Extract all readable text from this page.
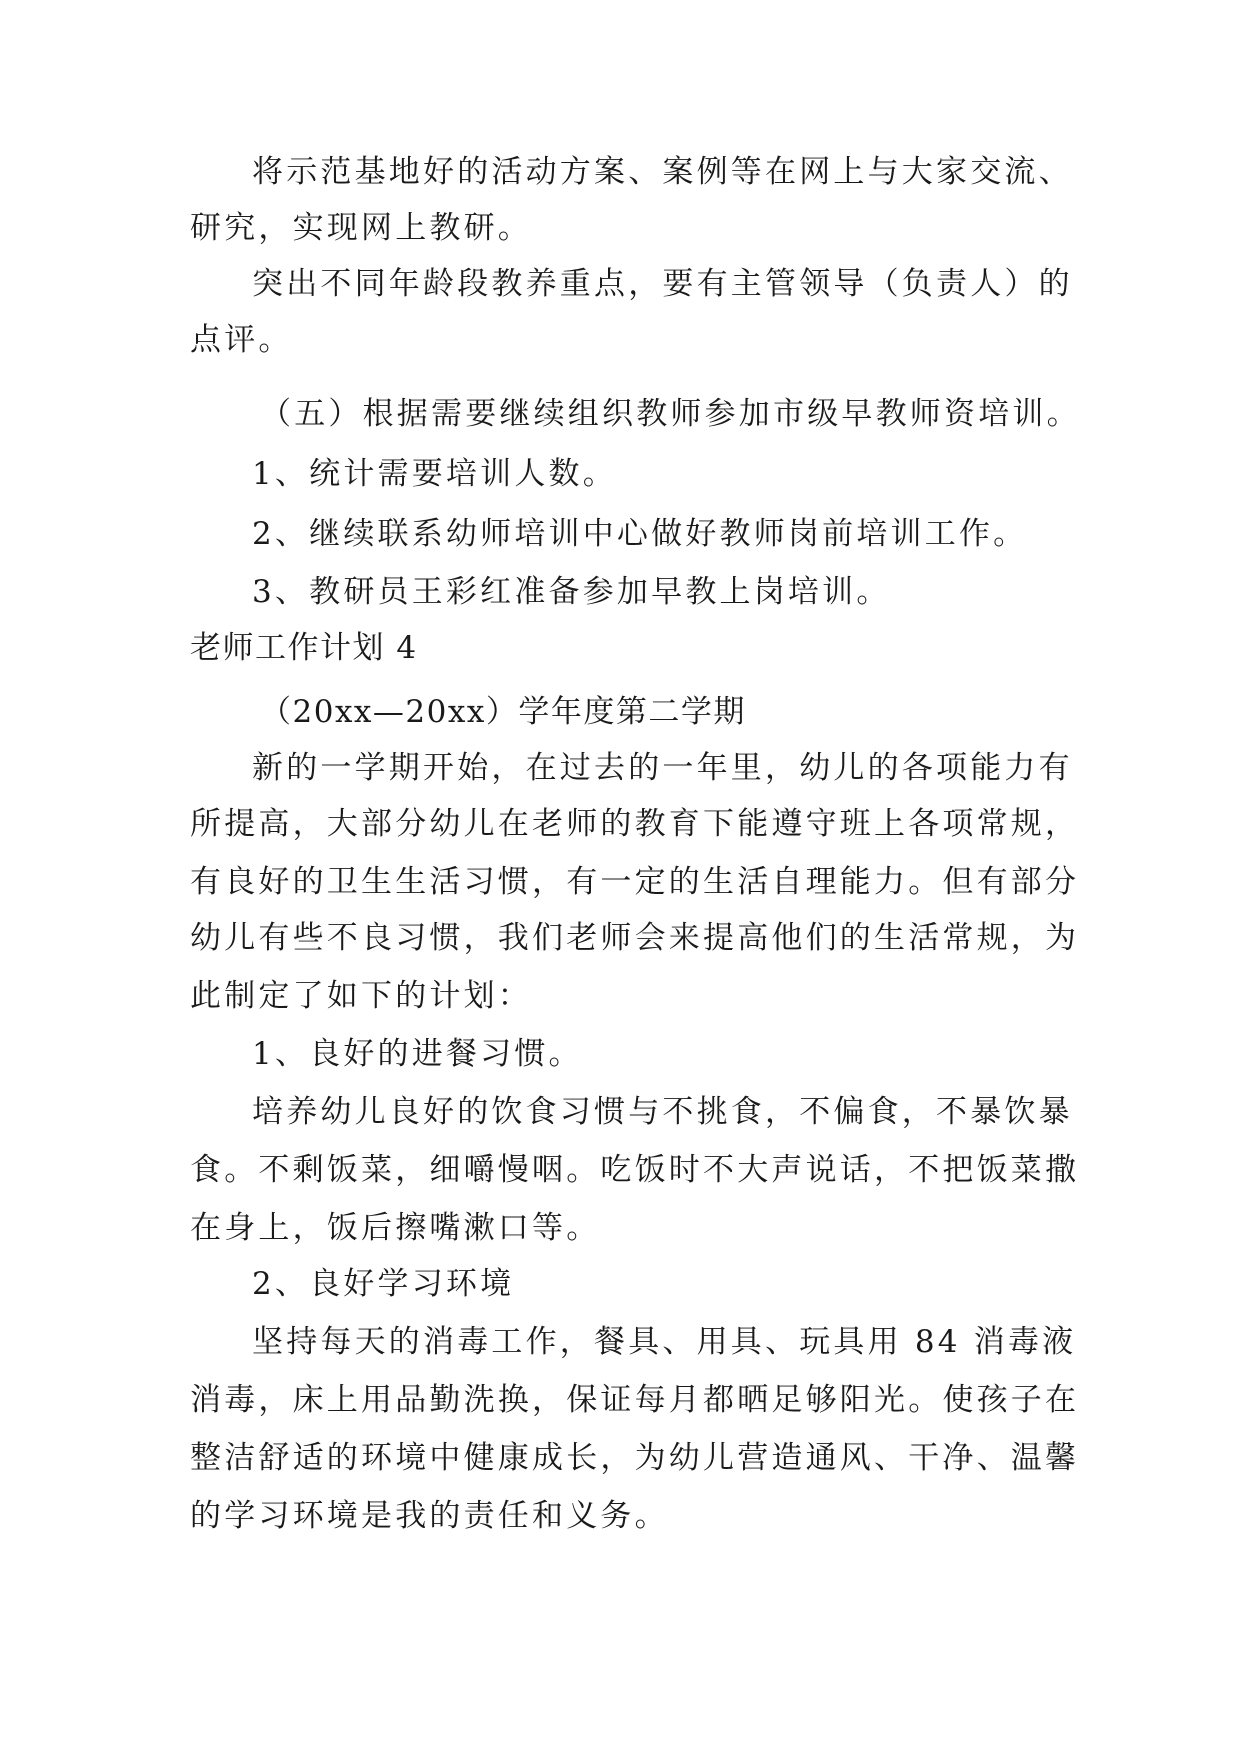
将示范基地好的活动方案、案例等在网上与大家交流、
研究，实现网上教研。
突出不同年龄段教养重点，要有主管领导（负责人）的
点评。
（五）根据需要继续组织教师参加市级早教师资培训。
1、统计需要培训人数。
2、继续联系幼师培训中心做好教师岗前培训工作。
3、教研员王彩红准备参加早教上岗培训。
老师工作计划 4
（20xx—20xx）学年度第二学期
新的一学期开始，在过去的一年里，幼儿的各项能力有
所提高，大部分幼儿在老师的教育下能遵守班上各项常规，
有良好的卫生生活习惯，有一定的生活自理能力。但有部分
幼儿有些不良习惯，我们老师会来提高他们的生活常规，为
此制定了如下的计划：
1、良好的进餐习惯。
培养幼儿良好的饮食习惯与不挑食，不偏食，不暴饮暴
食。不剩饭菜，细嚼慢咽。吃饭时不大声说话，不把饭菜撒
在身上，饭后擦嘴漱口等。
2、良好学习环境
坚持每天的消毒工作，餐具、用具、玩具用 84 消毒液
消毒，床上用品勤洗换，保证每月都晒足够阳光。使孩子在
整洁舒适的环境中健康成长，为幼儿营造通风、干净、温馨
的学习环境是我的责任和义务。
